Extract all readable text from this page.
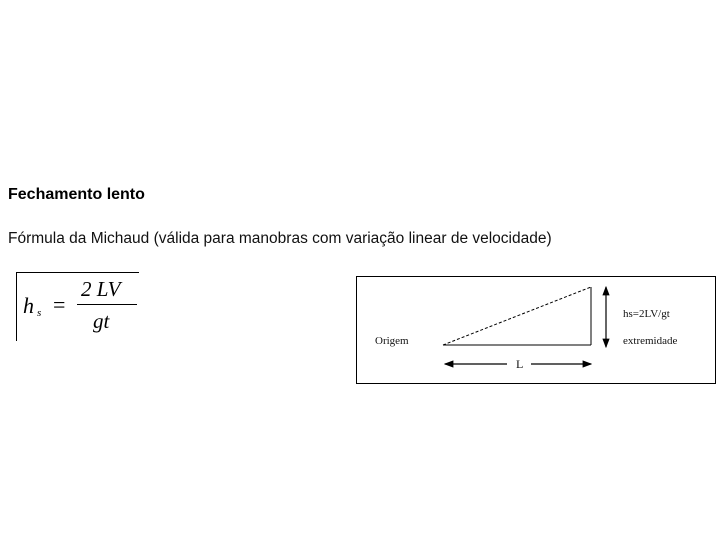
Fechamento lento
Fórmula da Michaud (válida para manobras com variação linear de velocidade)
h s =
2 LV
gt
Origem	extremidade
hs=2LV/gt
L
